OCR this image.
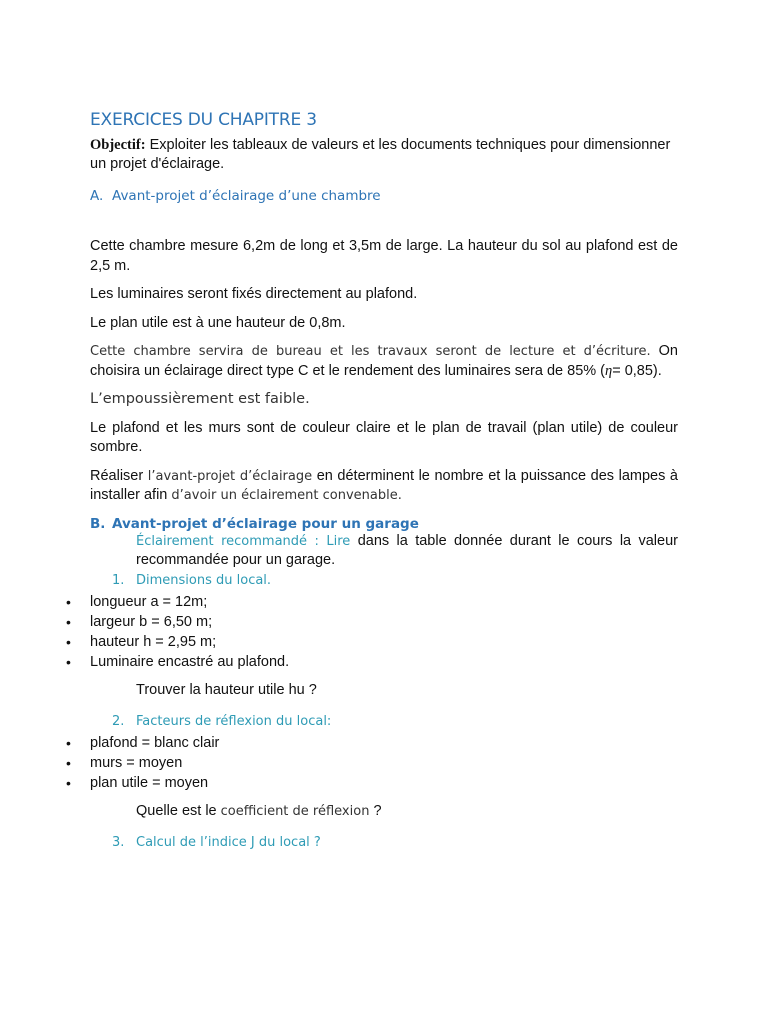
EXERCICES DU CHAPITRE 3

Objectif: Exploiter les tableaux de valeurs et les documents techniques pour dimensionner un projet d'éclairage.

A. Avant-projet d’éclairage d’une chambre

Cette chambre mesure 6,2m de long et 3,5m de large. La hauteur du sol au plafond est de 2,5 m.

Les luminaires seront fixés directement au plafond.

Le plan utile est à une hauteur de 0,8m.

Cette chambre servira de bureau et les travaux seront de lecture et d’écriture. On choisira un éclairage direct type C et le rendement des luminaires sera de 85% (η= 0,85).

L’empoussièrement est faible.

Le plafond et les murs sont de couleur claire et le plan de travail (plan utile) de couleur sombre.

Réaliser l’avant-projet d’éclairage en déterminent le nombre et la puissance des lampes à installer afin d’avoir un éclairement convenable.

B. Avant-projet d’éclairage pour un garage

Éclairement recommandé : Lire dans la table donnée durant le cours la valeur recommandée pour un garage.

1. Dimensions du local.
• longueur a = 12m;
• largeur b = 6,50 m;
• hauteur h = 2,95 m;
• Luminaire encastré au plafond.

Trouver la hauteur utile hu ?

2. Facteurs de réflexion du local:
• plafond = blanc clair
• murs = moyen
• plan utile = moyen

Quelle est le coefficient de réflexion ?

3. Calcul de l’indice J du local ?
